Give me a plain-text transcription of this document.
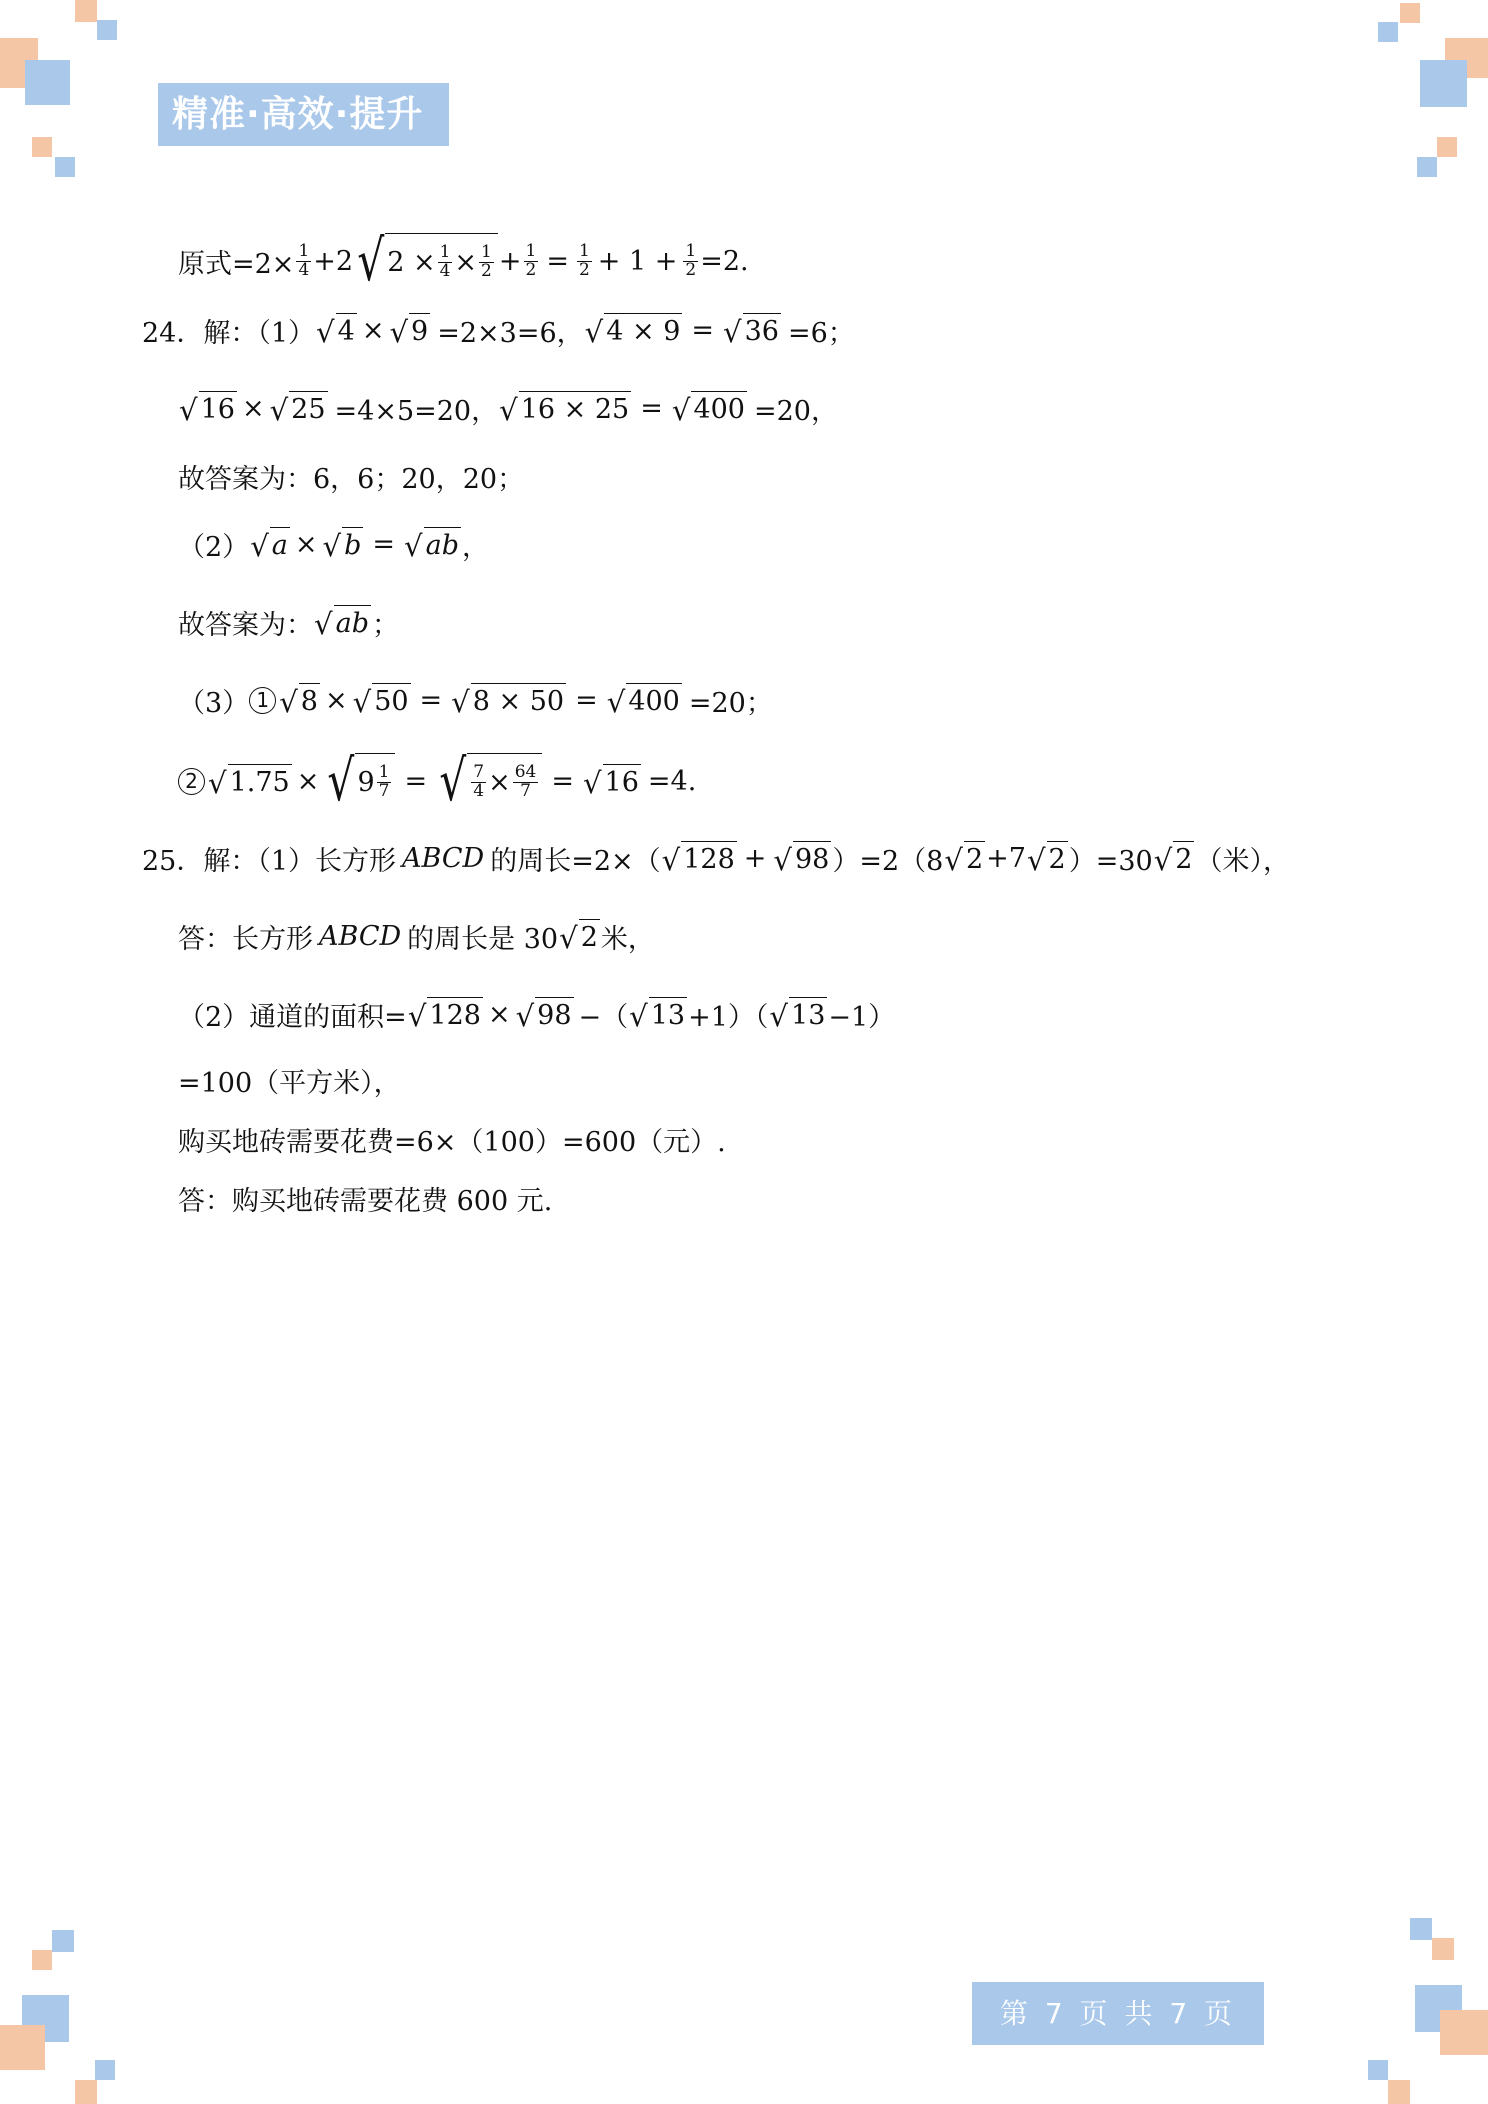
精准·高效·提升
原式$=2\times \frac{1}{4} +2$ √ $2 \times \frac{1}{4} \times \frac{1}{2} + \frac{1}{2} = \frac{1}{2} + 1 + \frac{1}{2} =2$.
24．解：（1） √ 4 × √ 9 =2×3=6， √ 4 × 9 = √ 36 =6；
√ 16 × √ 25 =4×5=20， √ 16 × 25 = √ 400 =20，
故答案为：6，6；20，20；
（2） √ a × √ b = √ ab ，
故答案为： √ ab ；
（3） 1 √ 8 × √ 50 = √ 8 × 50 = √ 400 =20；
2 √ 1.75 × √ $9 \frac{1}{7}$ = √ $\frac{7}{4} \times \frac{64}{7}$ = √ 16 =4.
25．解：（1）长方形 ABCD 的周长=2×（ √ 128 + √ 98 ）=2（8 √ 2 +7 √ 2 ）=30 √ 2 （米），
答：长方形 ABCD 的周长是 30 √ 2 米，
（2）通道的面积= √ 128 × √ 98 −（ √ 13 +1）（ √ 13 −1）
=100（平方米），
购买地砖需要花费=6×（100）=600（元）.
答：购买地砖需要花费 600 元.
第 7 页 共 7 页
